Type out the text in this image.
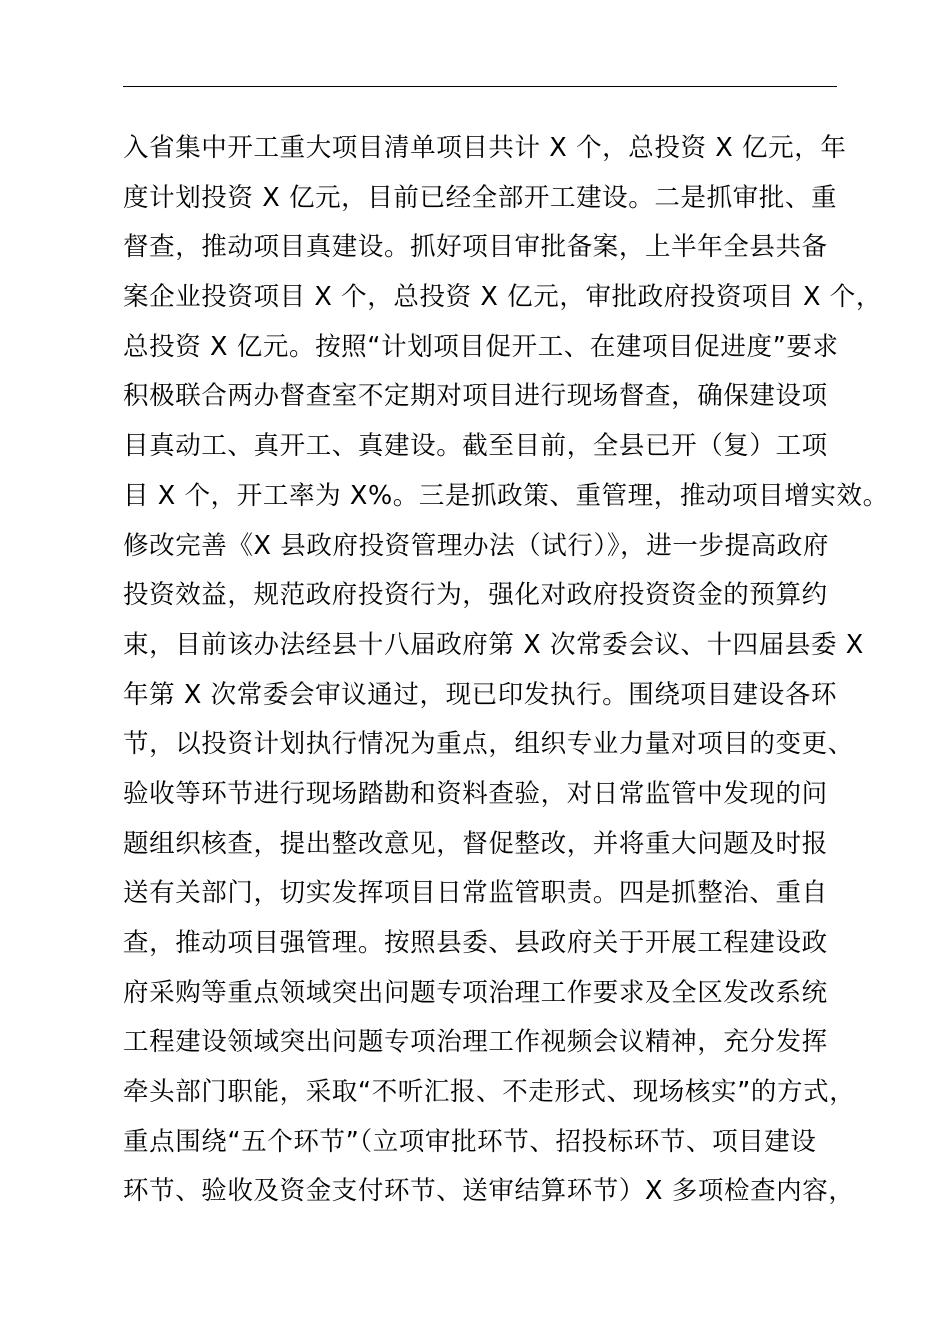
入省集中开工重大项目清单项目共计 X 个，总投资 X 亿元，年
度计划投资 X 亿元，目前已经全部开工建设。二是抓审批、重
督查，推动项目真建设。抓好项目审批备案，上半年全县共备
案企业投资项目 X 个，总投资 X 亿元，审批政府投资项目 X 个，
总投资 X 亿元。按照“计划项目促开工、在建项目促进度”要求
积极联合两办督查室不定期对项目进行现场督查，确保建设项
目真动工、真开工、真建设。截至目前，全县已开（复）工项
目 X 个，开工率为 X%。三是抓政策、重管理，推动项目增实效。
修改完善《X 县政府投资管理办法（试行）》，进一步提高政府
投资效益，规范政府投资行为，强化对政府投资资金的预算约
束，目前该办法经县十八届政府第 X 次常委会议、十四届县委 X
年第 X 次常委会审议通过，现已印发执行。围绕项目建设各环
节，以投资计划执行情况为重点，组织专业力量对项目的变更、
验收等环节进行现场踏勘和资料查验，对日常监管中发现的问
题组织核查，提出整改意见，督促整改，并将重大问题及时报
送有关部门，切实发挥项目日常监管职责。四是抓整治、重自
查，推动项目强管理。按照县委、县政府关于开展工程建设政
府采购等重点领域突出问题专项治理工作要求及全区发改系统
工程建设领域突出问题专项治理工作视频会议精神，充分发挥
牵头部门职能，采取“不听汇报、不走形式、现场核实”的方式，
重点围绕“五个环节”（立项审批环节、招投标环节、项目建设
环节、验收及资金支付环节、送审结算环节）X 多项检查内容，
